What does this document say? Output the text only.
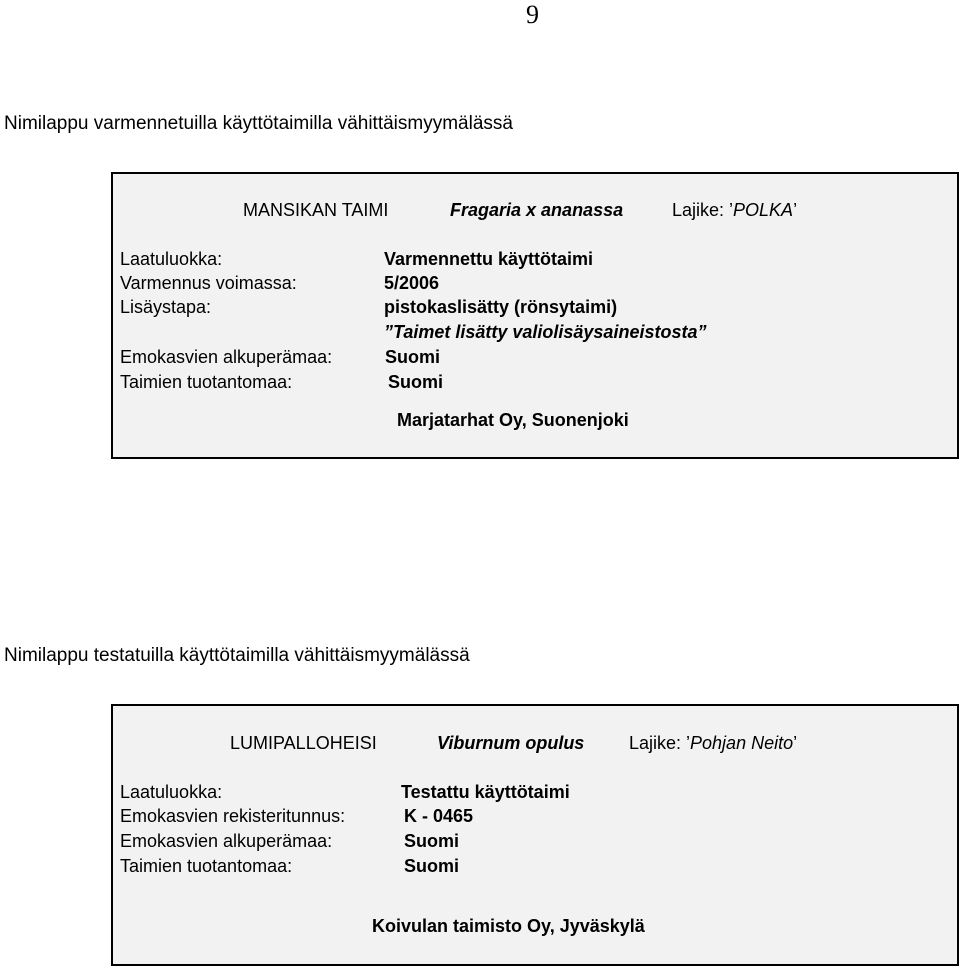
9
Nimilappu varmennetuilla käyttötaimilla vähittäismyymälässä
MANSIKAN TAIMI	Fragaria x ananassa	Lajike: ’POLKA’
Laatuluokka:	Varmennettu käyttötaimi
Varmennus voimassa:	5/2006
Lisäystapa:	pistokaslisätty (rönsytaimi)
”Taimet lisätty valiolisäysaineistosta”
Emokasvien alkuperämaa:	Suomi
Taimien tuotantomaa:	Suomi
Marjatarhat Oy, Suonenjoki
Nimilappu testatuilla käyttötaimilla vähittäismyymälässä
LUMIPALLOHEISI	Viburnum opulus Lajike: ’Pohjan Neito’
Laatuluokka:	Testattu käyttötaimi
Emokasvien rekisteritunnus:	K - 0465
Emokasvien alkuperämaa:	Suomi
Taimien tuotantomaa:	Suomi
Koivulan taimisto Oy, Jyväskylä
